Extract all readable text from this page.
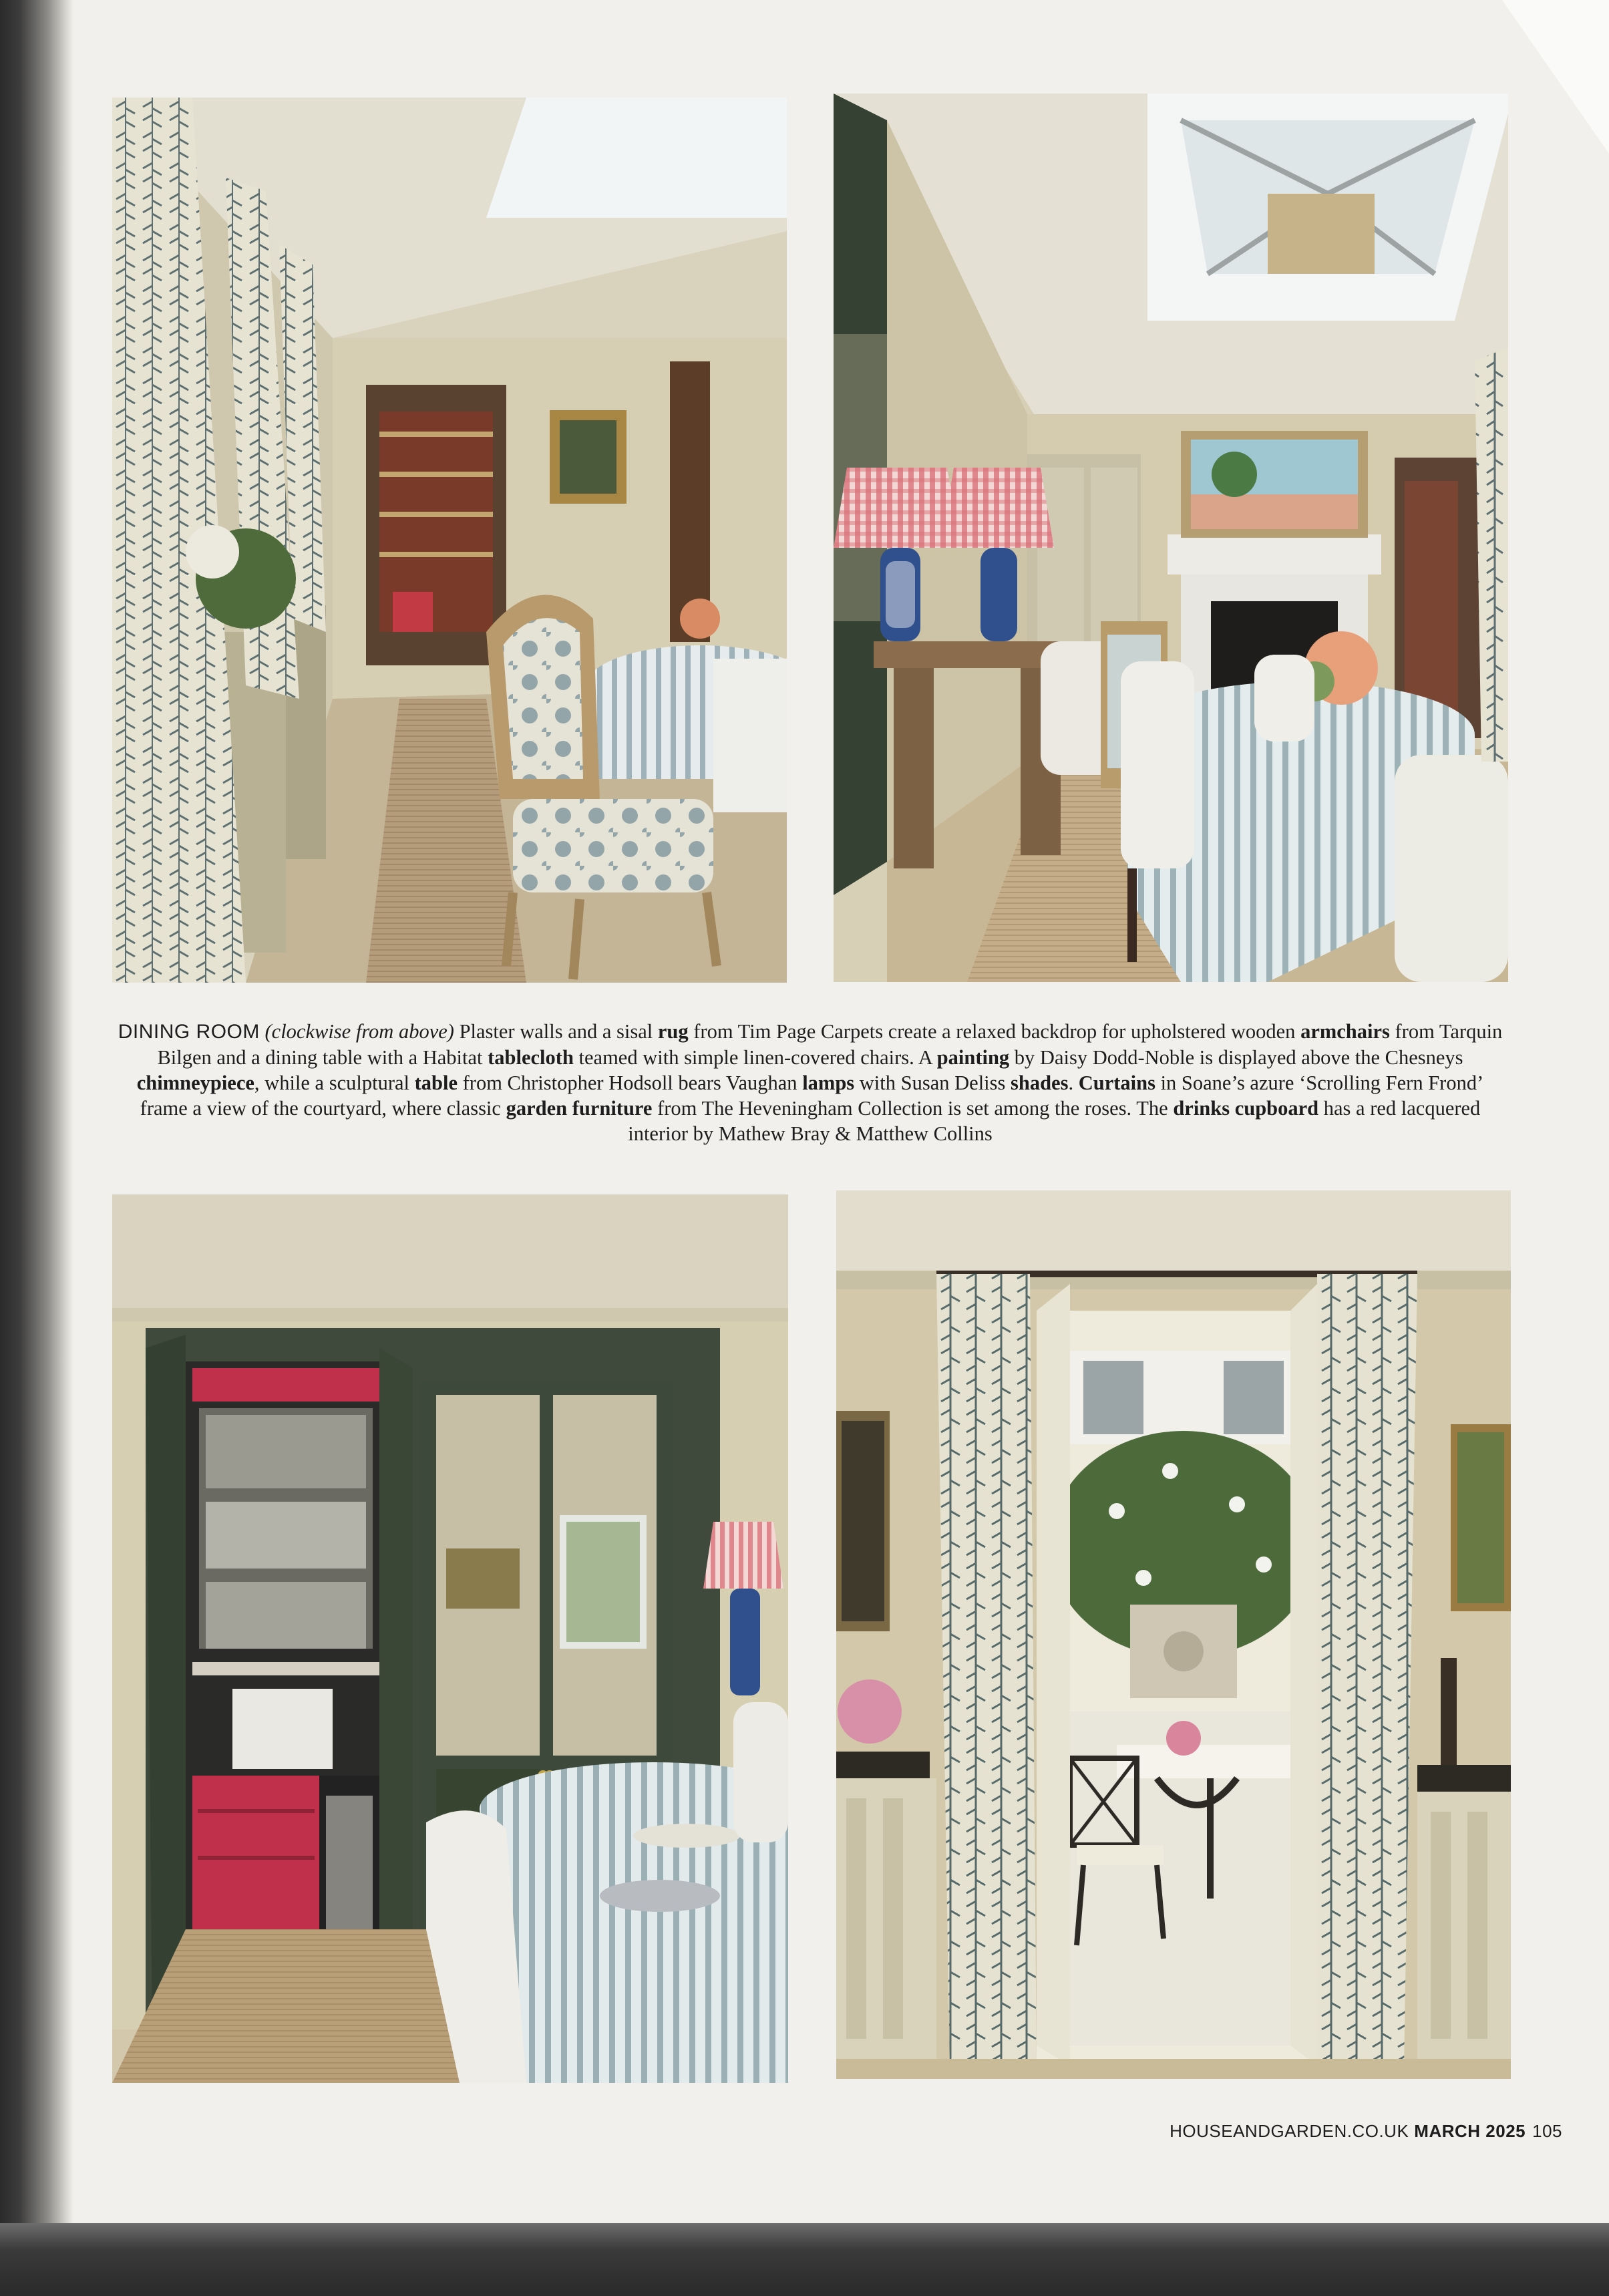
DINING ROOM (clockwise from above) Plaster walls and a sisal rug from Tim Page Carpets create a relaxed backdrop for upholstered wooden armchairs from Tarquin Bilgen and a dining table with a Habitat tablecloth teamed with simple linen-covered chairs. A painting by Daisy Dodd-Noble is displayed above the Chesneys chimneypiece, while a sculptural table from Christopher Hodsoll bears Vaughan lamps with Susan Deliss shades. Curtains in Soane’s azure ‘Scrolling Fern Frond’ frame a view of the courtyard, where classic garden furniture from The Heveningham Collection is set among the roses. The drinks cupboard has a red lacquered interior by Mathew Bray & Matthew Collins
HOUSEANDGARDEN.CO.UK MARCH 2025 105
